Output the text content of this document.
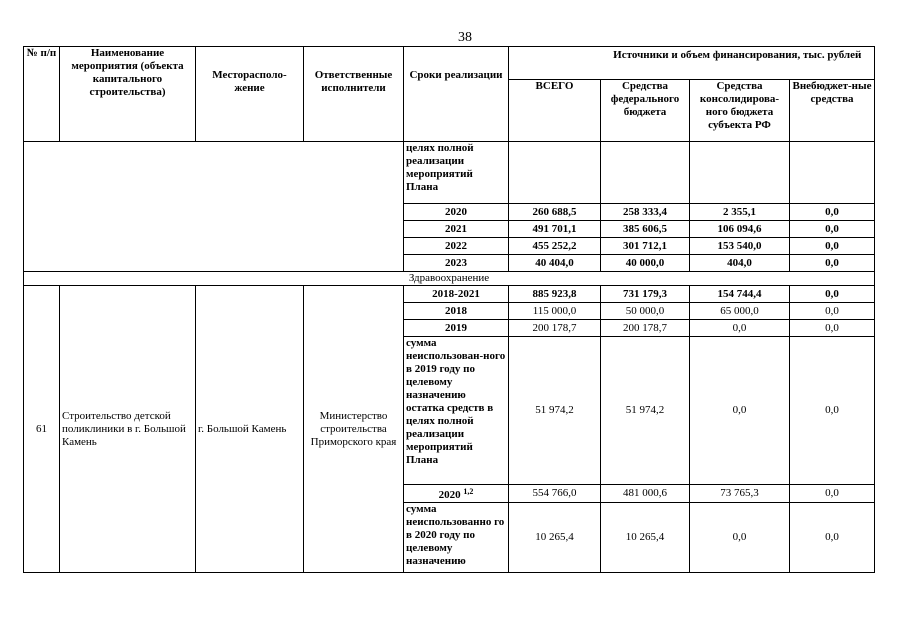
38
№ п/п	Наименование мероприятия (объекта капитального строительства)	Месторасполо-жение	Ответственные исполнители	Сроки реализации		Источники и объем финансирования, тыс. рублей		
					ВСЕГО	Средства федерального бюджета	Средства консолидирова-ного бюджета субъекта РФ	Внебюджет-ные средства
				целях полной реализации мероприятий Плана				
				2020	260 688,5	258 333,4	2 355,1	0,0
				2021	491 701,1	385 606,5	106 094,6	0,0
				2022	455 252,2	301 712,1	153 540,0	0,0
				2023	40 404,0	40 000,0	404,0	0,0
Здравоохранение								
61	Строительство детской поликлиники в г. Большой Камень	г. Большой Камень	Министерство строительства Приморского края	2018-2021	885 923,8	731 179,3	154 744,4	0,0
				2018	115 000,0	50 000,0	65 000,0	0,0
				2019	200 178,7	200 178,7	0,0	0,0
				сумма неиспользован-ного в 2019 году по целевому назначению остатка средств в целях полной реализации мероприятий Плана	51 974,2	51 974,2	0,0	0,0
				2020 $^{1,2}$	554 766,0	481 000,6	73 765,3	0,0
				сумма неиспользованно го в 2020 году по целевому назначению	10 265,4	10 265,4	0,0	0,0
